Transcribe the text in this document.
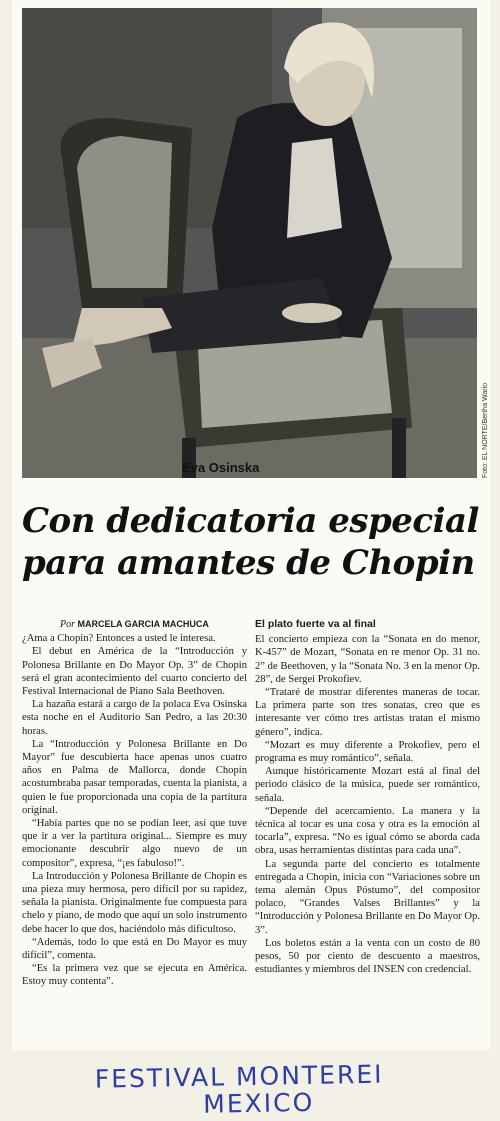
Eva Osinska	Foto: EL NORTE/Bertha Wario
Con dedicatoria especial
para amantes de Chopin
Por MARCELA GARCIA MACHUCA

¿Ama a Chopin? Entonces a usted le interesa.

El debut en América de la “Introducción y Polonesa Brillante en Do Mayor Op. 3” de Chopin será el gran acontecimiento del cuarto concierto del Festival Internacional de Piano Sala Beethoven.

La hazaña estará a cargo de la polaca Eva Osinska esta noche en el Auditorio San Pedro, a las 20:30 horas.

La “Introducción y Polonesa Brillante en Do Mayor” fue descubierta hace apenas unos cuatro años en Palma de Mallorca, donde Chopin acostumbraba pasar temporadas, cuenta la pianista, a quien le fue proporcionada una copia de la partitura original.

“Había partes que no se podían leer, así que tuve que ir a ver la partitura original... Siempre es muy emocionante descubrir algo nuevo de un compositor”, expresa, “¡es fabuloso!”.

La Introducción y Polonesa Brillante de Chopin es una pieza muy hermosa, pero difícil por su rapidez, señala la pianista. Originalmente fue compuesta para chelo y piano, de modo que aquí un solo instrumento debe hacer lo que dos, haciéndolo más dificultoso.

“Además, todo lo que está en Do Mayor es muy difícil”, comenta.

“Es la primera vez que se ejecuta en América. Estoy muy contenta”.

El plato fuerte va al final

El concierto empieza con la “Sonata en do menor, K-457” de Mozart, “Sonata en re menor Op. 31 no. 2” de Beethoven, y la “Sonata No. 3 en la menor Op. 28”, de Sergei Prokofiev.

“Trataré de mostrar diferentes maneras de tocar. La primera parte son tres sonatas, creo que es interesante ver cómo tres artistas tratan el mismo género”, indica.

“Mozart es muy diferente a Prokofiev, pero el programa es muy romántico”, señala.

Aunque históricamente Mozart está al final del periodo clásico de la música, puede ser romántico, señala.

“Depende del acercamiento. La manera y la técnica al tocar es una cosa y otra es la emoción al tocarla”, expresa. “No es igual cómo se aborda cada obra, usas herramientas distintas para cada una”.

La segunda parte del concierto es totalmente entregada a Chopin, inicia con “Variaciones sobre un tema alemán Opus Póstumo”, del compositor polaco, “Grandes Valses Brillantes” y la “Introducción y Polonesa Brillante en Do Mayor Op. 3”.

Los boletos están a la venta con un costo de 80 pesos, 50 por ciento de descuento a maestros, estudiantes y miembros del INSEN con credencial.

FESTIVAL MONTEREI
MEXICO
